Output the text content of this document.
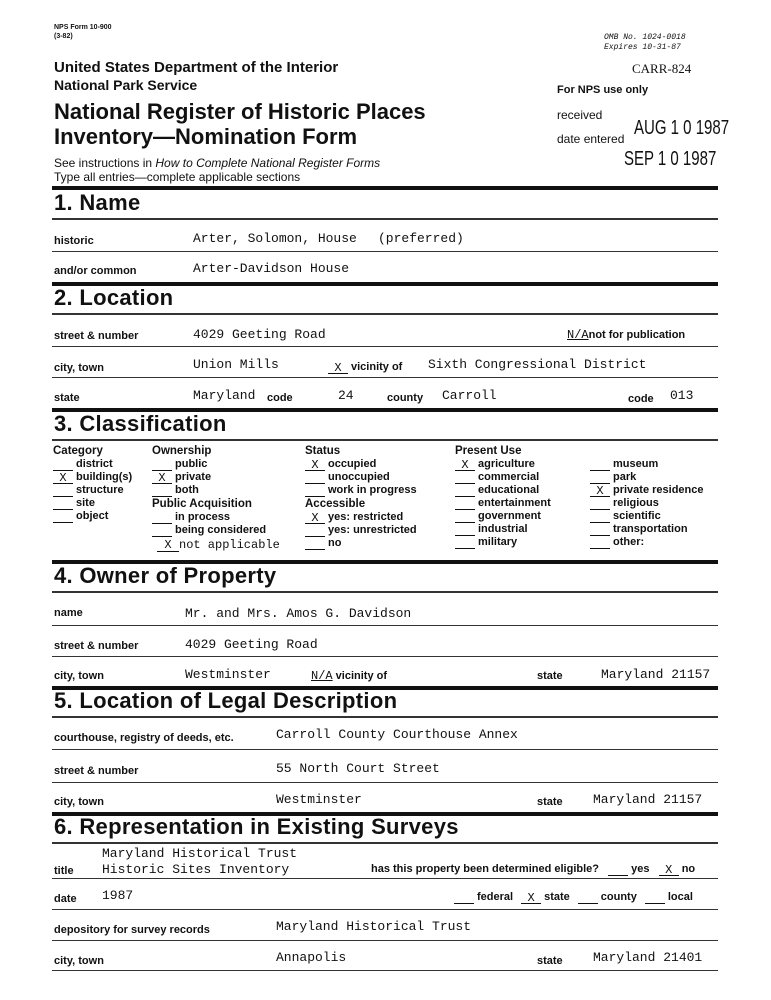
NPS Form 10-900
(3-82)	OMB No. 1024-0018
Expires 10-31-87
United States Department of the Interior
National Park Service
CARR-824
For NPS use only
National Register of Historic Places
Inventory—Nomination Form
received
date entered AUG 1 0 1987
SEP 1 0 1987
See instructions in How to Complete National Register Forms
Type all entries—complete applicable sections
1. Name
historic	Arter, Solomon, House (preferred)
and/or common	Arter-Davidson House
2. Location
street & number	4029 Geeting Road	N/Anot for publication
city, town	Union Mills	X vicinity of Sixth Congressional District
state	Maryland code	24	county Carroll	code 013
3. Classification
Category
district
X building(s)
structure
site
object
Ownership
public
X private
both
Public Acquisition
in process
being considered
X not applicable
Status
X occupied
unoccupied
work in progress
Accessible
X yes: restricted
yes: unrestricted
no
Present Use
X agriculture
commercial
educational
entertainment
government
industrial
military
museum
park
X private residence
religious
scientific
transportation
other:
4. Owner of Property
name	Mr. and Mrs. Amos G. Davidson
street & number	4029 Geeting Road
city, town	Westminster	N/A vicinity of	state	Maryland 21157
5. Location of Legal Description
courthouse, registry of deeds, etc.	Carroll County Courthouse Annex
street & number	55 North Court Street
city, town	Westminster	state Maryland 21157
6. Representation in Existing Surveys
title
Maryland Historical Trust
Historic Sites Inventory	has this property been determined eligible?	yes X no
date 1987	federal X state	county	local
depository for survey records	Maryland Historical Trust
city, town	Annapolis	state Maryland 21401
